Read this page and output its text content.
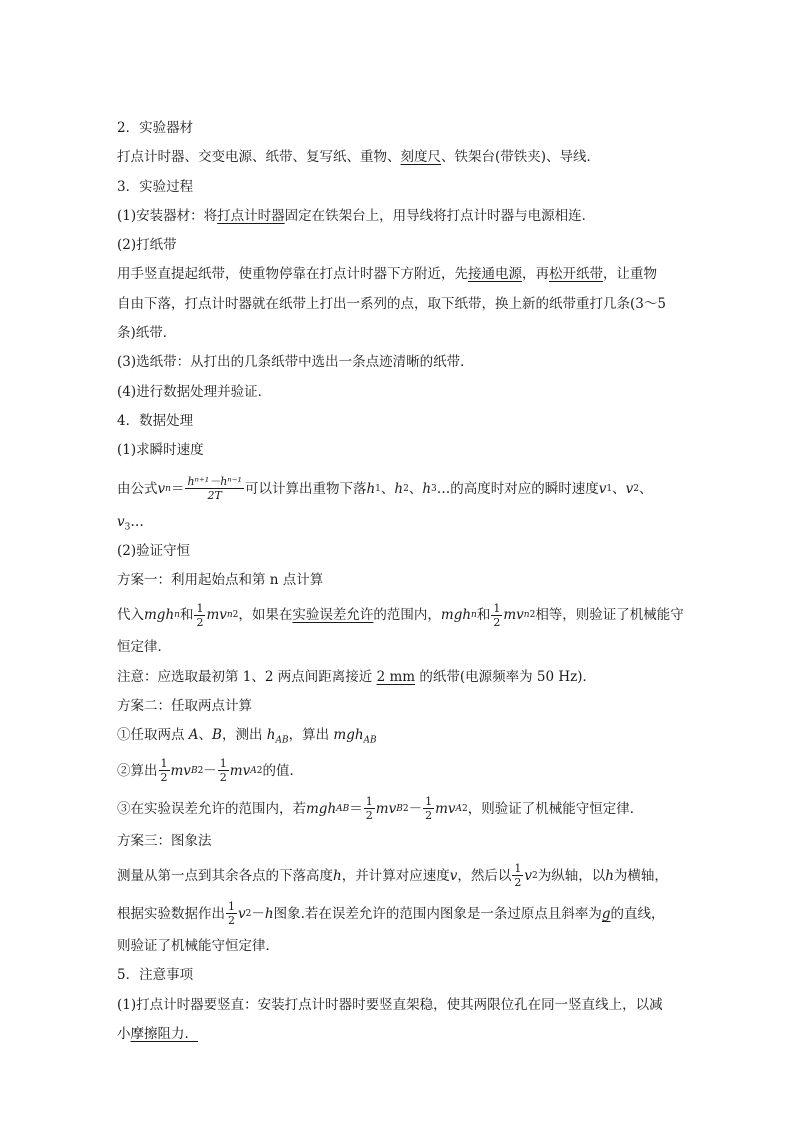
2．实验器材
打点计时器、交变电源、纸带、复写纸、重物、刻度尺、铁架台(带铁夹)、导线．
3．实验过程
(1)安装器材：将打点计时器固定在铁架台上，用导线将打点计时器与电源相连．
(2)打纸带
用手竖直提起纸带，使重物停靠在打点计时器下方附近，先接通电源，再松开纸带，让重物
自由下落，打点计时器就在纸带上打出一系列的点，取下纸带，换上新的纸带重打几条(3～5
条)纸带．
(3)选纸带：从打出的几条纸带中选出一条点迹清晰的纸带．
(4)进行数据处理并验证．
4．数据处理
(1)求瞬时速度
由公式 v $n = \frac{\text{hⁿ⁺¹－hⁿ⁻¹}}{2T}$ 可以计算出重物下落 h 1 、 h 2 、 h 3 …的高度时对应的瞬时速度 v 1 、 v 2 、
$v_3\dots$
(2)验证守恒
方案一：利用起始点和第 n 点计算
代入 mgh n 和 $\frac{1}{2}$ mv n 2 ，如果在 实验误差允许 的范围内， mgh n 和 $\frac{1}{2}$ mv n 2 相等，则验证了机械能守
恒定律．
注意：应选取最初第 1、2 两点间距离接近 2 mm 的纸带(电源频率为 50 Hz)．
方案二：任取两点计算
①任取两点 A、B，测出 $h_{AB}$，算出 mgh$_{AB}$
②算出 $\frac{1}{2}$ mv B $2 - \frac{1}{2}$ mv A 2 的值．
③在实验误差允许的范围内，若 mgh AB ＝ $\frac{1}{2}$ mv B $2 - \frac{1}{2}$ mv A 2 ，则验证了机械能守恒定律．
方案三：图象法
测量从第一点到其余各点的下落高度 h ，并计算对应速度 v ，然后以 $\frac{1}{2}$ v 2 为纵轴，以 h 为横轴，
根据实验数据作出 $\frac{1}{2}$ v 2 － h 图象.若在误差允许的范围内图象是一条过原点且斜率为 g 的直线，
则验证了机械能守恒定律．
5．注意事项
(1)打点计时器要竖直：安装打点计时器时要竖直架稳，使其两限位孔在同一竖直线上，以减
小摩擦阻力．
